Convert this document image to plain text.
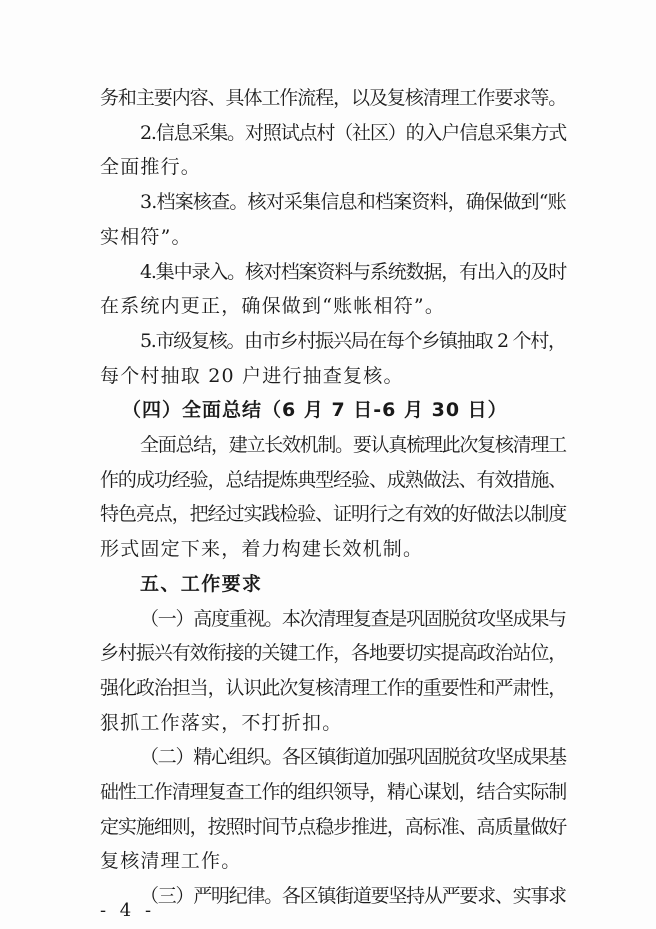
务和主要内容、具体工作流程，以及复核清理工作要求等。
2.信息采集。对照试点村（社区）的入户信息采集方式
全面推行。
3.档案核查。核对采集信息和档案资料，确保做到“账
实相符”。
4.集中录入。核对档案资料与系统数据，有出入的及时
在系统内更正，确保做到“账帐相符”。
5.市级复核。由市乡村振兴局在每个乡镇抽取 2 个村，
每个村抽取 20 户进行抽查复核。
（四）全面总结（6 月 7 日-6 月 30 日）
全面总结，建立长效机制。要认真梳理此次复核清理工
作的成功经验，总结提炼典型经验、成熟做法、有效措施、
特色亮点，把经过实践检验、证明行之有效的好做法以制度
形式固定下来，着力构建长效机制。
五、工作要求
（一）高度重视。本次清理复查是巩固脱贫攻坚成果与
乡村振兴有效衔接的关键工作，各地要切实提高政治站位，
强化政治担当，认识此次复核清理工作的重要性和严肃性，
狠抓工作落实，不打折扣。
（二）精心组织。各区镇街道加强巩固脱贫攻坚成果基
础性工作清理复查工作的组织领导，精心谋划，结合实际制
定实施细则，按照时间节点稳步推进，高标准、高质量做好
复核清理工作。
（三）严明纪律。各区镇街道要坚持从严要求、实事求
- 4 -
